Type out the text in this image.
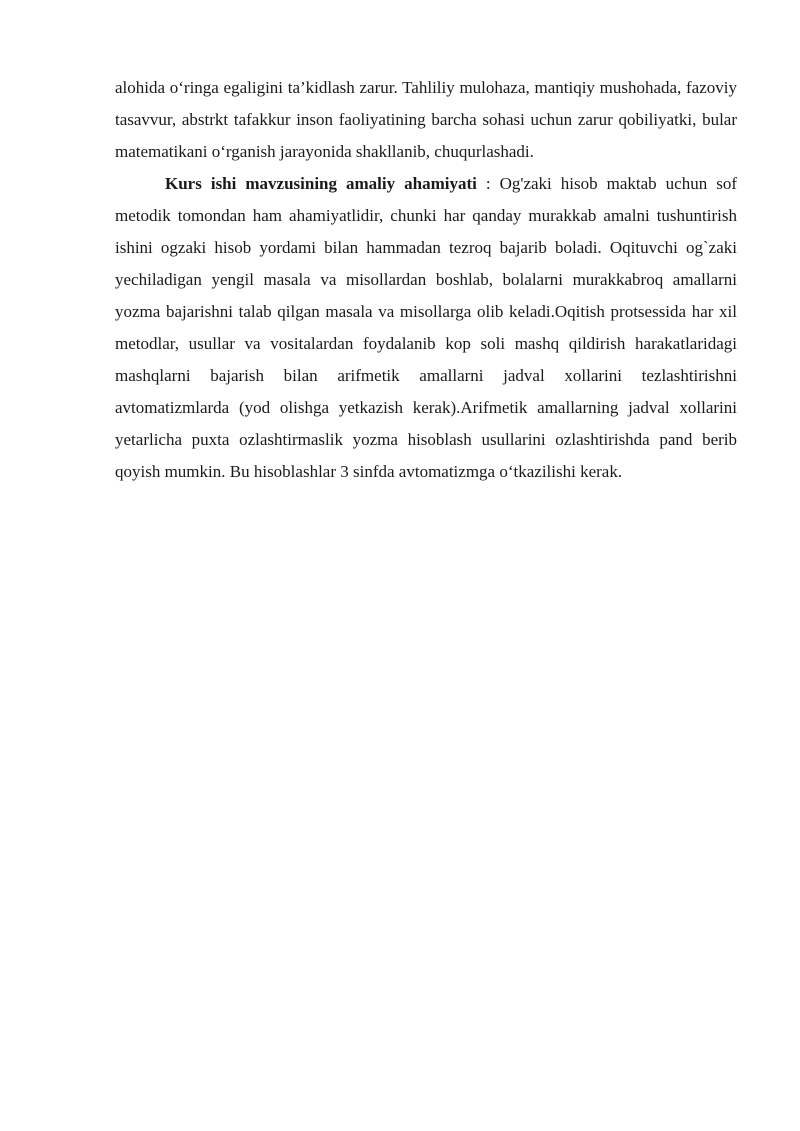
alohida o‘ringa egaligini ta’kidlash zarur. Tahliliy mulohaza, mantiqiy mushohada, fazoviy tasavvur, abstrkt tafakkur inson faoliyatining barcha sohasi uchun zarur qobiliyatki, bular matematikani o‘rganish jarayonida shakllanib, chuqurlashadi.

Kurs ishi mavzusining amaliy ahamiyati : Og'zaki hisob maktab uchun sof metodik tomondan ham ahamiyatlidir, chunki har qanday murakkab amalni tushuntirish ishini ogzaki hisob yordami bilan hammadan tezroq bajarib boladi. Oqituvchi og`zaki yechiladigan yengil masala va misollardan boshlab, bolalarni murakkabroq amallarni yozma bajarishni talab qilgan masala va misollarga olib keladi.Oqitish protsessida har xil metodlar, usullar va vositalardan foydalanib kop soli mashq qildirish harakatlaridagi mashqlarni bajarish bilan arifmetik amallarni jadval xollarini tezlashtirishni avtomatizmlarda (yod olishga yetkazish kerak).Arifmetik amallarning jadval xollarini yetarlicha puxta ozlashtirmaslik yozma hisoblash usullarini ozlashtirishda pand berib qoyish mumkin. Bu hisoblashlar 3 sinfda avtomatizmga o‘tkazilishi kerak.
